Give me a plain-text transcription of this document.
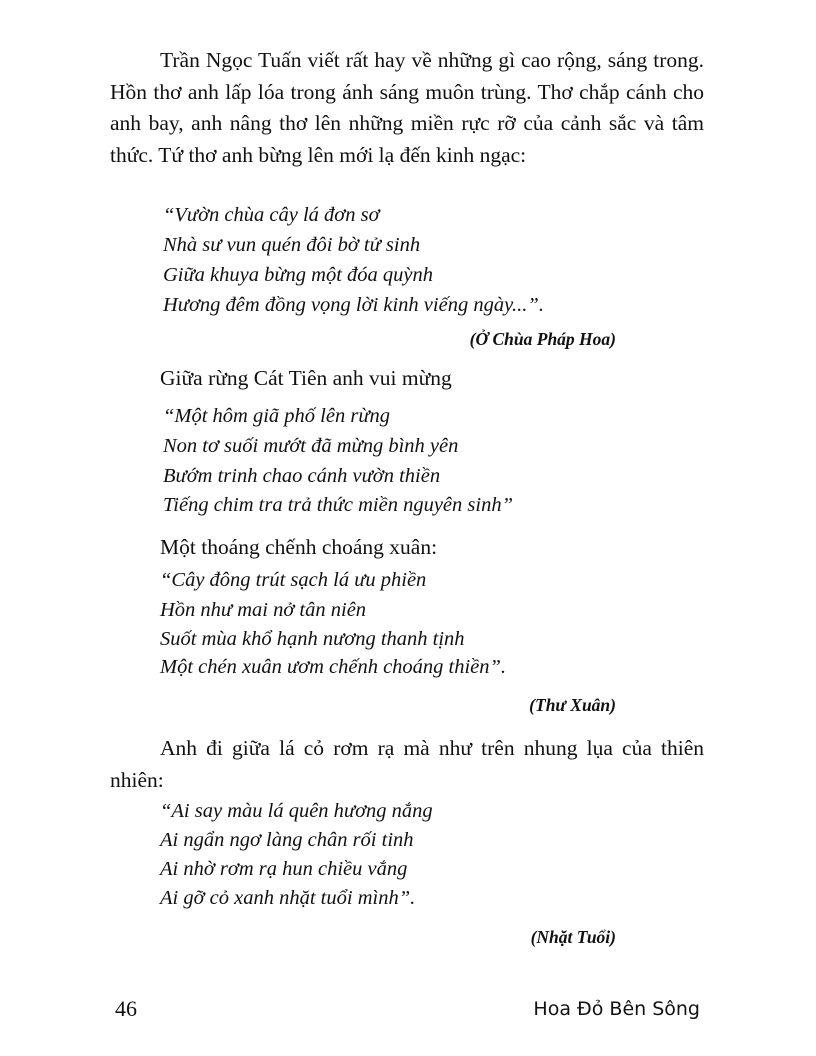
Trần Ngọc Tuấn viết rất hay về những gì cao rộng, sáng trong. Hồn thơ anh lấp lóa trong ánh sáng muôn trùng. Thơ chắp cánh cho anh bay, anh nâng thơ lên những miền rực rỡ của cảnh sắc và tâm thức. Tứ thơ anh bừng lên mới lạ đến kinh ngạc:
“Vườn chùa cây lá đơn sơ
Nhà sư vun quén đôi bờ tử sinh
Giữa khuya bừng một đóa quỳnh
Hương đêm đồng vọng lời kinh viếng ngày...”.
(Ở Chùa Pháp Hoa)
Giữa rừng Cát Tiên anh vui mừng
“Một hôm giã phố lên rừng
Non tơ suối mướt đã mừng bình yên
Bướm trinh chao cánh vườn thiền
Tiếng chim tra trả thức miền nguyên sinh”
Một thoáng chếnh choáng xuân:
“Cây đông trút sạch lá ưu phiền
Hồn như mai nở tân niên
Suốt mùa khổ hạnh nương thanh tịnh
Một chén xuân ươm chếnh choáng thiền”.
(Thư Xuân)
Anh đi giữa lá cỏ rơm rạ mà như trên nhung lụa của thiên nhiên:
“Ai say màu lá quên hương nắng
Ai ngẩn ngơ làng chân rối tinh
Ai nhờ rơm rạ hun chiều vắng
Ai gỡ cỏ xanh nhặt tuổi mình”.
(Nhặt Tuổi)
46	Hoa Đỏ Bên Sông
